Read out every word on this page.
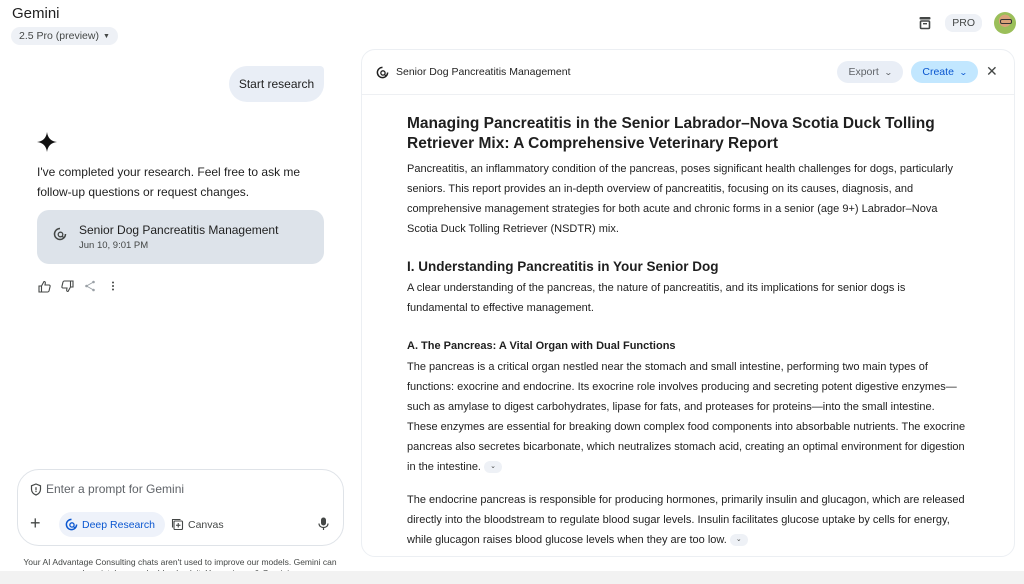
Gemini
2.5 Pro (preview) ▼
PRO
Start research
I've completed your research. Feel free to ask me follow-up questions or request changes.
Senior Dog Pancreatitis Management
Jun 10, 9:01 PM
Enter a prompt for Gemini
+	Deep Research	Canvas
Your AI Advantage Consulting chats aren't used to improve our models. Gemini can
Senior Dog Pancreatitis Management	Export ⌄	Create ⌄ ✕
Managing Pancreatitis in the Senior Labrador–Nova Scotia Duck Tolling Retriever Mix: A Comprehensive Veterinary Report

Pancreatitis, an inflammatory condition of the pancreas, poses significant health challenges for dogs, particularly seniors. This report provides an in-depth overview of pancreatitis, focusing on its causes, diagnosis, and comprehensive management strategies for both acute and chronic forms in a senior (age 9+) Labrador–Nova Scotia Duck Tolling Retriever (NSDTR) mix.

I. Understanding Pancreatitis in Your Senior Dog

A clear understanding of the pancreas, the nature of pancreatitis, and its implications for senior dogs is fundamental to effective management.

A. The Pancreas: A Vital Organ with Dual Functions

The pancreas is a critical organ nestled near the stomach and small intestine, performing two main types of functions: exocrine and endocrine. Its exocrine role involves producing and secreting potent digestive enzymes—such as amylase to digest carbohydrates, lipase for fats, and proteases for proteins—into the small intestine. These enzymes are essential for breaking down complex food components into absorbable nutrients. The exocrine pancreas also secretes bicarbonate, which neutralizes stomach acid, creating an optimal environment for digestion in the intestine. ⌄

The endocrine pancreas is responsible for producing hormones, primarily insulin and glucagon, which are released directly into the bloodstream to regulate blood sugar levels. Insulin facilitates glucose uptake by cells for energy, while glucagon raises blood glucose levels when they are too low. ⌄
